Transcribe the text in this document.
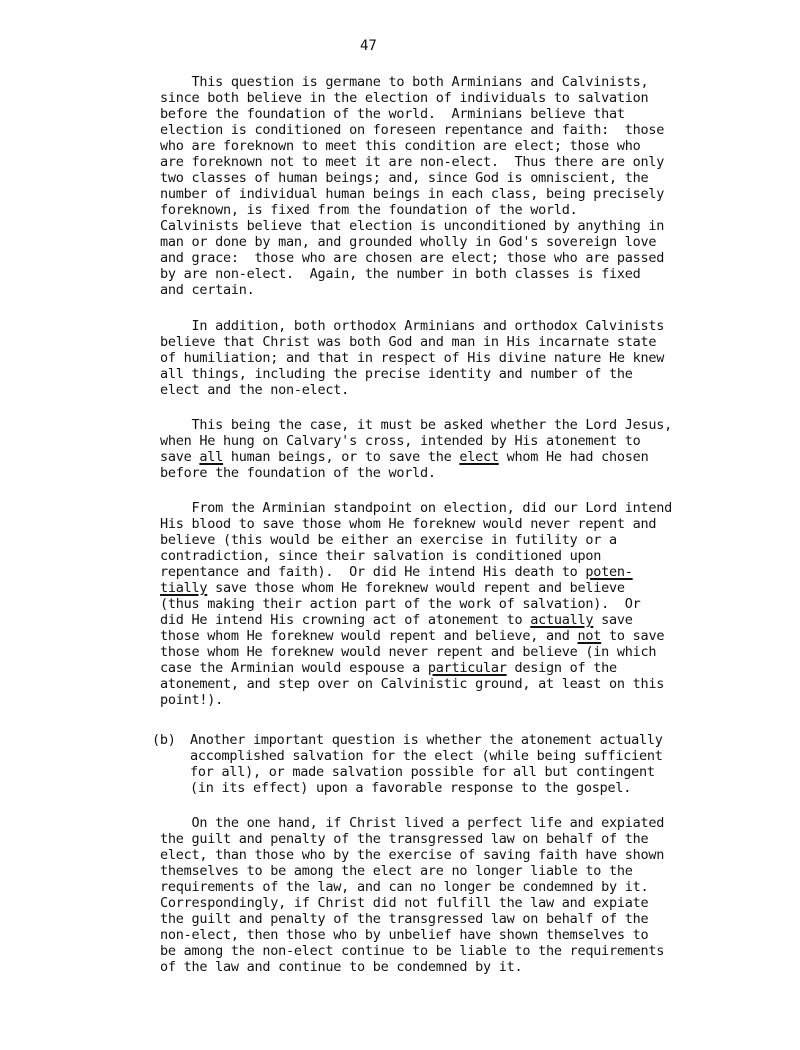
47
This question is germane to both Arminians and Calvinists,
since both believe in the election of individuals to salvation
before the foundation of the world.  Arminians believe that
election is conditioned on foreseen repentance and faith:  those
who are foreknown to meet this condition are elect; those who
are foreknown not to meet it are non-elect.  Thus there are only
two classes of human beings; and, since God is omniscient, the
number of individual human beings in each class, being precisely
foreknown, is fixed from the foundation of the world.
Calvinists believe that election is unconditioned by anything in
man or done by man, and grounded wholly in God's sovereign love
and grace:  those who are chosen are elect; those who are passed
by are non-elect.  Again, the number in both classes is fixed
and certain.
In addition, both orthodox Arminians and orthodox Calvinists
believe that Christ was both God and man in His incarnate state
of humiliation; and that in respect of His divine nature He knew
all things, including the precise identity and number of the
elect and the non-elect.
This being the case, it must be asked whether the Lord Jesus,
when He hung on Calvary's cross, intended by His atonement to
save all human beings, or to save the elect whom He had chosen
before the foundation of the world.
From the Arminian standpoint on election, did our Lord intend
His blood to save those whom He foreknew would never repent and
believe (this would be either an exercise in futility or a
contradiction, since their salvation is conditioned upon
repentance and faith).  Or did He intend His death to poten-
tially save those whom He foreknew would repent and believe
(thus making their action part of the work of salvation).  Or
did He intend His crowning act of atonement to actually save
those whom He foreknew would repent and believe, and not to save
those whom He foreknew would never repent and believe (in which
case the Arminian would espouse a particular design of the
atonement, and step over on Calvinistic ground, at least on this
point!).
(b) Another important question is whether the atonement actually
accomplished salvation for the elect (while being sufficient
for all), or made salvation possible for all but contingent
(in its effect) upon a favorable response to the gospel.
On the one hand, if Christ lived a perfect life and expiated
the guilt and penalty of the transgressed law on behalf of the
elect, than those who by the exercise of saving faith have shown
themselves to be among the elect are no longer liable to the
requirements of the law, and can no longer be condemned by it.
Correspondingly, if Christ did not fulfill the law and expiate
the guilt and penalty of the transgressed law on behalf of the
non-elect, then those who by unbelief have shown themselves to
be among the non-elect continue to be liable to the requirements
of the law and continue to be condemned by it.
